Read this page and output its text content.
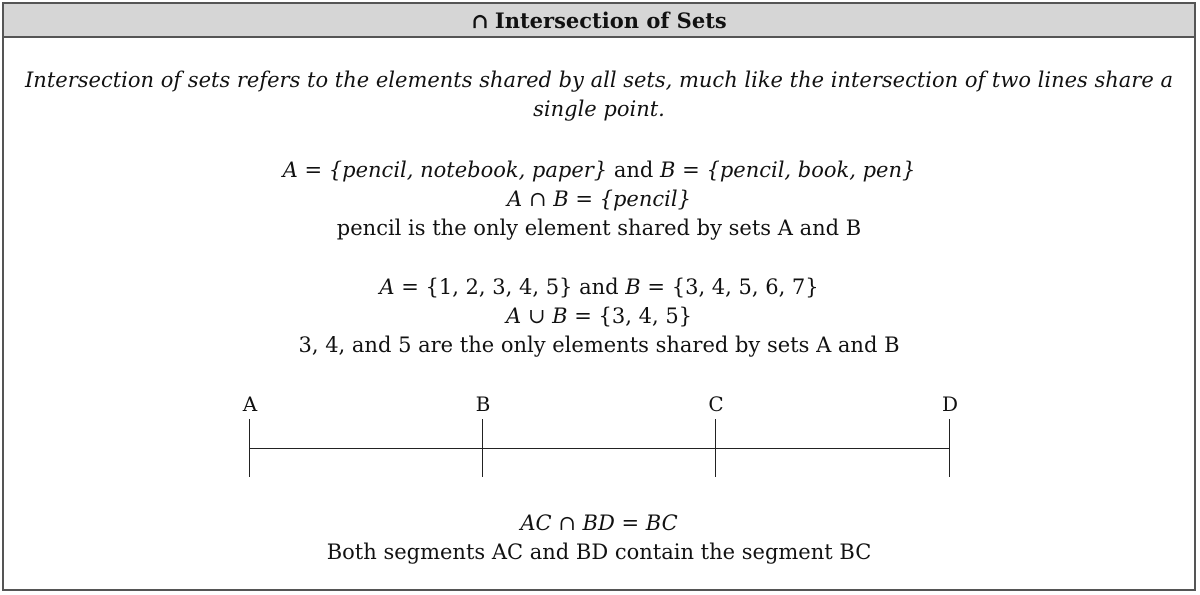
∩ Intersection of Sets
Intersection of sets refers to the elements shared by all sets, much like the intersection of two lines share a single point.
A = {pencil, notebook, paper} and B = {pencil, book, pen}
A ∩ B = {pencil}
pencil is the only element shared by sets A and B
A = {1, 2, 3, 4, 5} and B = {3, 4, 5, 6, 7}
A ∪ B = {3, 4, 5}
3, 4, and 5 are the only elements shared by sets A and B
A	B	C	D
AC ∩ BD = BC
Both segments AC and BD contain the segment BC
